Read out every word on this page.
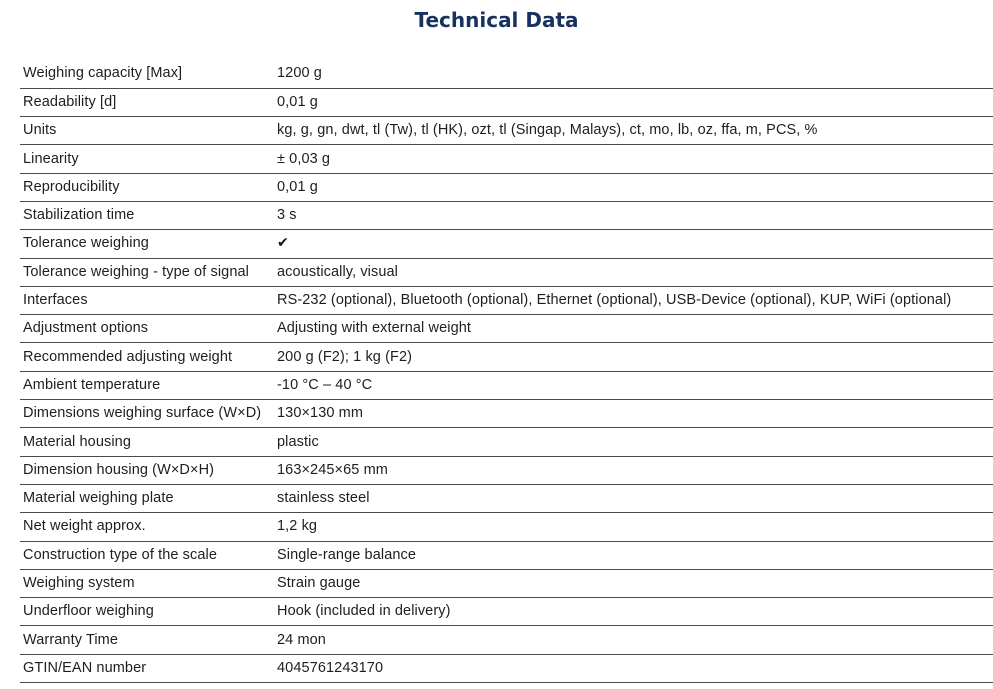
Technical Data
Weighing capacity [Max]	1200 g
Readability [d]	0,01 g
Units	kg, g, gn, dwt, tl (Tw), tl (HK), ozt, tl (Singap, Malays), ct, mo, lb, oz, ffa, m, PCS, %
Linearity	± 0,03 g
Reproducibility	0,01 g
Stabilization time	3 s
Tolerance weighing	✔
Tolerance weighing - type of signal	acoustically, visual
Interfaces	RS-232 (optional), Bluetooth (optional), Ethernet (optional), USB-Device (optional), KUP, WiFi (optional)
Adjustment options	Adjusting with external weight
Recommended adjusting weight	200 g (F2); 1 kg (F2)
Ambient temperature	-10 °C – 40 °C
Dimensions weighing surface (W×D)	130×130 mm
Material housing	plastic
Dimension housing (W×D×H)	163×245×65 mm
Material weighing plate	stainless steel
Net weight approx.	1,2 kg
Construction type of the scale	Single-range balance
Weighing system	Strain gauge
Underfloor weighing	Hook (included in delivery)
Warranty Time	24 mon
GTIN/EAN number	4045761243170
